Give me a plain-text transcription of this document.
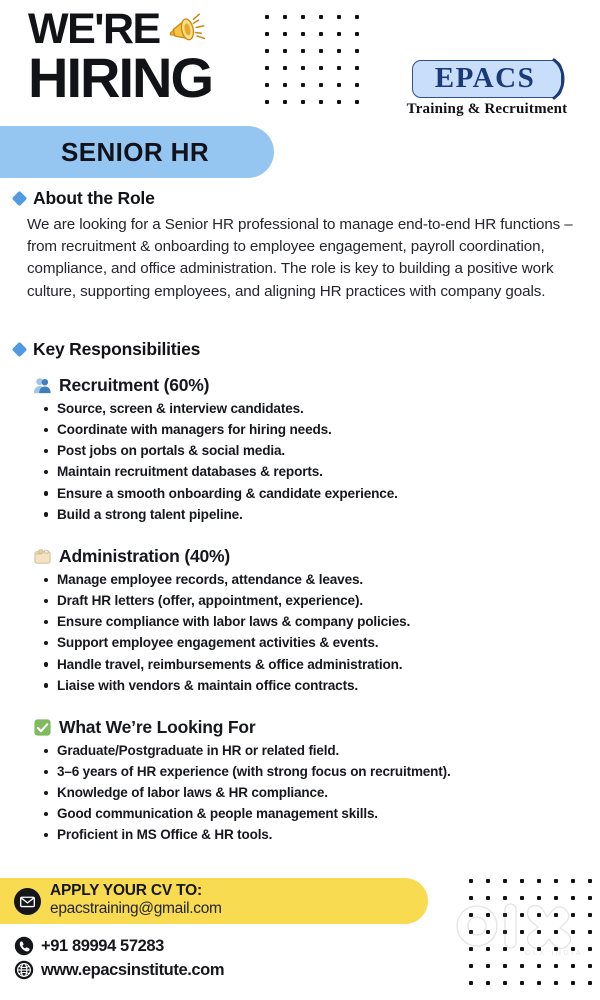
WE'RE
HIRING	EPACS
Training & Recruitment
SENIOR HR
About the Role
We are looking for a Senior HR professional to manage end-to-end HR functions – from recruitment & onboarding to employee engagement, payroll coordination, compliance, and office administration. The role is key to building a positive work culture, supporting employees, and aligning HR practices with company goals.
Key Responsibilities
Recruitment (60%)
Source, screen & interview candidates.
Coordinate with managers for hiring needs.
Post jobs on portals & social media.
Maintain recruitment databases & reports.
Ensure a smooth onboarding & candidate experience.
Build a strong talent pipeline.
Administration (40%)
Manage employee records, attendance & leaves.
Draft HR letters (offer, appointment, experience).
Ensure compliance with labor laws & company policies.
Support employee engagement activities & events.
Handle travel, reimbursements & office administration.
Liaise with vendors & maintain office contracts.
What We’re Looking For
Graduate/Postgraduate in HR or related field.
3–6 years of HR experience (with strong focus on recruitment).
Knowledge of labor laws & HR compliance.
Good communication & people management skills.
Proficient in MS Office & HR tools.
OLX INDIA
APPLY YOUR CV TO:
epacstraining@gmail.com
+91 89994 57283
www.epacsinstitute.com
